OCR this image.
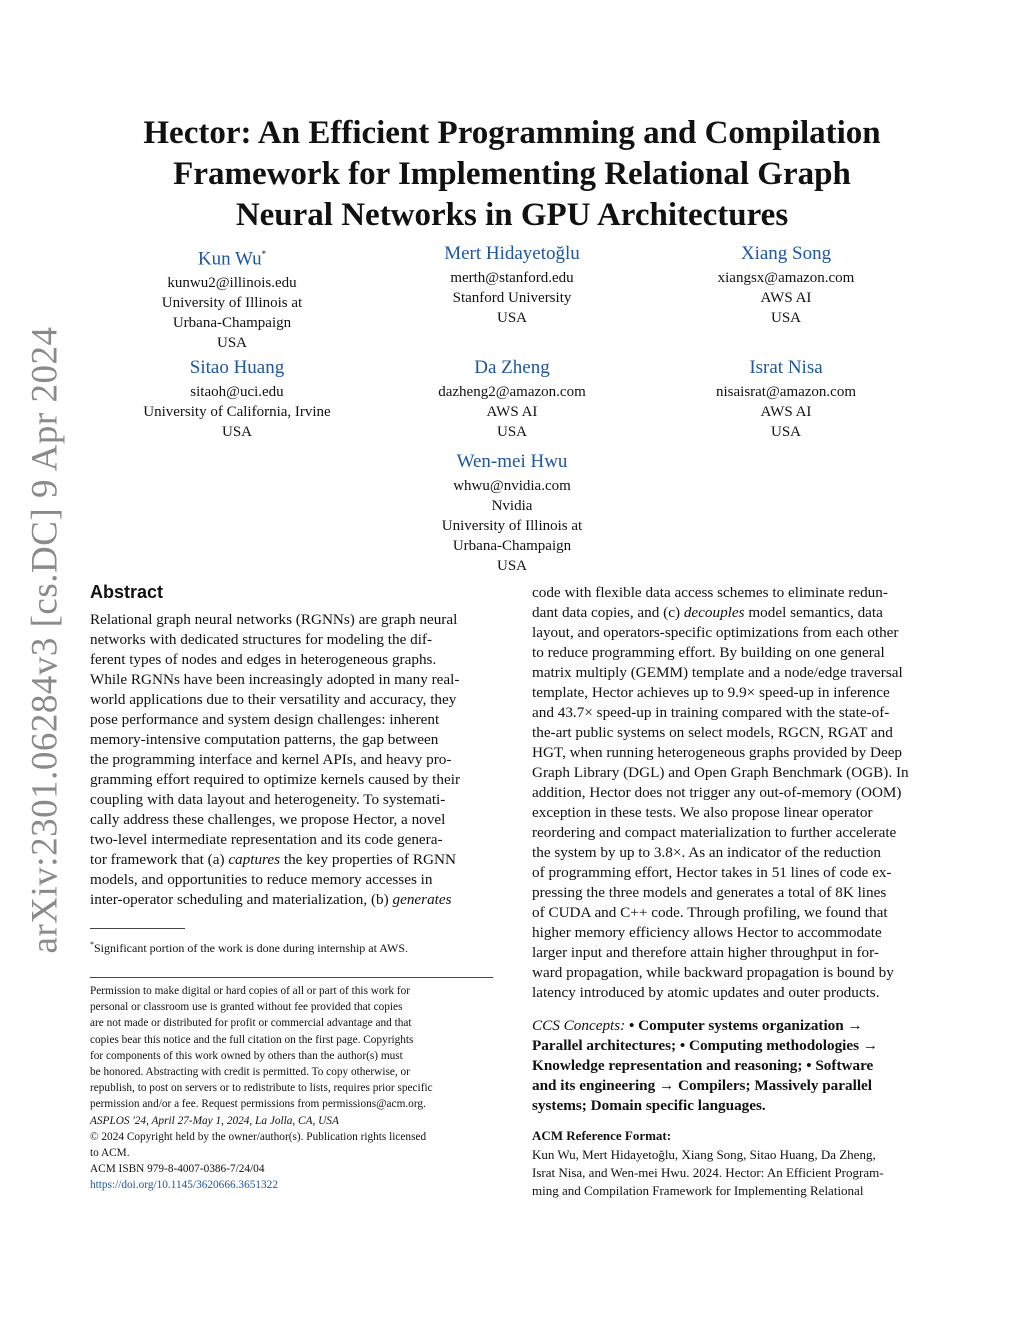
arXiv:2301.06284v3 [cs.DC] 9 Apr 2024
Hector: An Efficient Programming and Compilation
Framework for Implementing Relational Graph
Neural Networks in GPU Architectures
Kun Wu*
kunwu2@illinois.edu
University of Illinois at
Urbana-Champaign
USA
Mert Hidayetoğlu
merth@stanford.edu
Stanford University
USA
Xiang Song
xiangsx@amazon.com
AWS AI
USA
Sitao Huang
sitaoh@uci.edu
University of California, Irvine
USA
Da Zheng
dazheng2@amazon.com
AWS AI
USA
Israt Nisa
nisaisrat@amazon.com
AWS AI
USA
Wen-mei Hwu
whwu@nvidia.com
Nvidia
University of Illinois at
Urbana-Champaign
USA
Abstract
Relational graph neural networks (RGNNs) are graph neural
networks with dedicated structures for modeling the dif-
ferent types of nodes and edges in heterogeneous graphs.
While RGNNs have been increasingly adopted in many real-
world applications due to their versatility and accuracy, they
pose performance and system design challenges: inherent
memory-intensive computation patterns, the gap between
the programming interface and kernel APIs, and heavy pro-
gramming effort required to optimize kernels caused by their
coupling with data layout and heterogeneity. To systemati-
cally address these challenges, we propose Hector, a novel
two-level intermediate representation and its code genera-
tor framework that (a) captures the key properties of RGNN
models, and opportunities to reduce memory accesses in
inter-operator scheduling and materialization, (b) generates
code with flexible data access schemes to eliminate redun-
dant data copies, and (c) decouples model semantics, data
layout, and operators-specific optimizations from each other
to reduce programming effort. By building on one general
matrix multiply (GEMM) template and a node/edge traversal
template, Hector achieves up to 9.9× speed-up in inference
and 43.7× speed-up in training compared with the state-of-
the-art public systems on select models, RGCN, RGAT and
HGT, when running heterogeneous graphs provided by Deep
Graph Library (DGL) and Open Graph Benchmark (OGB). In
addition, Hector does not trigger any out-of-memory (OOM)
exception in these tests. We also propose linear operator
reordering and compact materialization to further accelerate
the system by up to 3.8×. As an indicator of the reduction
of programming effort, Hector takes in 51 lines of code ex-
pressing the three models and generates a total of 8K lines
of CUDA and C++ code. Through profiling, we found that
higher memory efficiency allows Hector to accommodate
larger input and therefore attain higher throughput in for-
ward propagation, while backward propagation is bound by
latency introduced by atomic updates and outer products.
*Significant portion of the work is done during internship at AWS.
Permission to make digital or hard copies of all or part of this work for
personal or classroom use is granted without fee provided that copies
are not made or distributed for profit or commercial advantage and that
copies bear this notice and the full citation on the first page. Copyrights
for components of this work owned by others than the author(s) must
be honored. Abstracting with credit is permitted. To copy otherwise, or
republish, to post on servers or to redistribute to lists, requires prior specific
permission and/or a fee. Request permissions from permissions@acm.org.
ASPLOS '24, April 27-May 1, 2024, La Jolla, CA, USA
© 2024 Copyright held by the owner/author(s). Publication rights licensed
to ACM.
ACM ISBN 979-8-4007-0386-7/24/04
https://doi.org/10.1145/3620666.3651322
CCS Concepts: • Computer systems organization →
Parallel architectures; • Computing methodologies →
Knowledge representation and reasoning; • Software
and its engineering → Compilers; Massively parallel
systems; Domain specific languages.
ACM Reference Format:
Kun Wu, Mert Hidayetoğlu, Xiang Song, Sitao Huang, Da Zheng,
Israt Nisa, and Wen-mei Hwu. 2024. Hector: An Efficient Program-
ming and Compilation Framework for Implementing Relational
